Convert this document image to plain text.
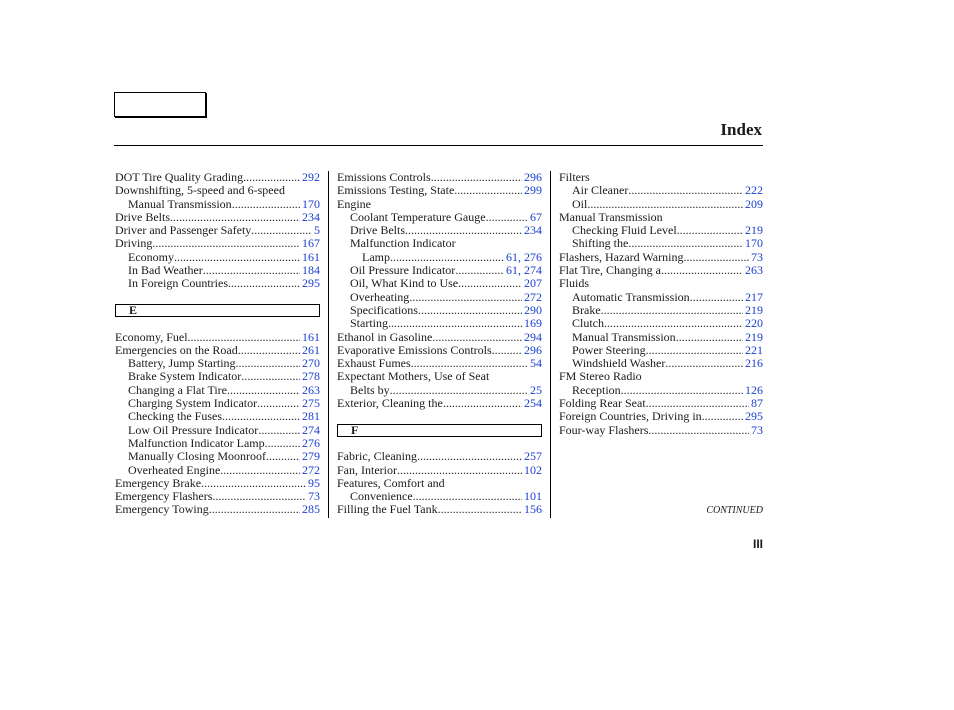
Index
DOT Tire Quality Grading .....	292
Downshifting, 5-speed and 6-speed
Manual Transmission .....	170
Drive Belts .....	234
Driver and Passenger Safety .....	5
Driving .....	167
Economy .....	161
In Bad Weather .....	184
In Foreign Countries .....	295
E
Economy, Fuel .....	161
Emergencies on the Road .....	261
Battery, Jump Starting .....	270
Brake System Indicator .....	278
Changing a Flat Tire .....	263
Charging System Indicator .....	275
Checking the Fuses .....	281
Low Oil Pressure Indicator .....	274
Malfunction Indicator Lamp .....	276
Manually Closing Moonroof .....	279
Overheated Engine .....	272
Emergency Brake .....	95
Emergency Flashers .....	73
Emergency Towing .....	285
Emissions Controls .....	296
Emissions Testing, State .....	299
Engine
Coolant Temperature Gauge .....	67
Drive Belts .....	234
Malfunction Indicator
Lamp .....	61, 276
Oil Pressure Indicator .....	61, 274
Oil, What Kind to Use .....	207
Overheating .....	272
Specifications .....	290
Starting .....	169
Ethanol in Gasoline .....	294
Evaporative Emissions Controls .....	296
Exhaust Fumes .....	54
Expectant Mothers, Use of Seat
Belts by .....	25
Exterior, Cleaning the .....	254
F
Fabric, Cleaning .....	257
Fan, Interior .....	102
Features, Comfort and
Convenience .....	101
Filling the Fuel Tank .....	156
Filters
Air Cleaner .....	222
Oil .....	209
Manual Transmission
Checking Fluid Level .....	219
Shifting the .....	170
Flashers, Hazard Warning .....	73
Flat Tire, Changing a .....	263
Fluids
Automatic Transmission .....	217
Brake .....	219
Clutch .....	220
Manual Transmission .....	219
Power Steering .....	221
Windshield Washer .....	216
FM Stereo Radio
Reception .....	126
Folding Rear Seat .....	87
Foreign Countries, Driving in .....	295
Four-way Flashers .....	73
CONTINUED
III
